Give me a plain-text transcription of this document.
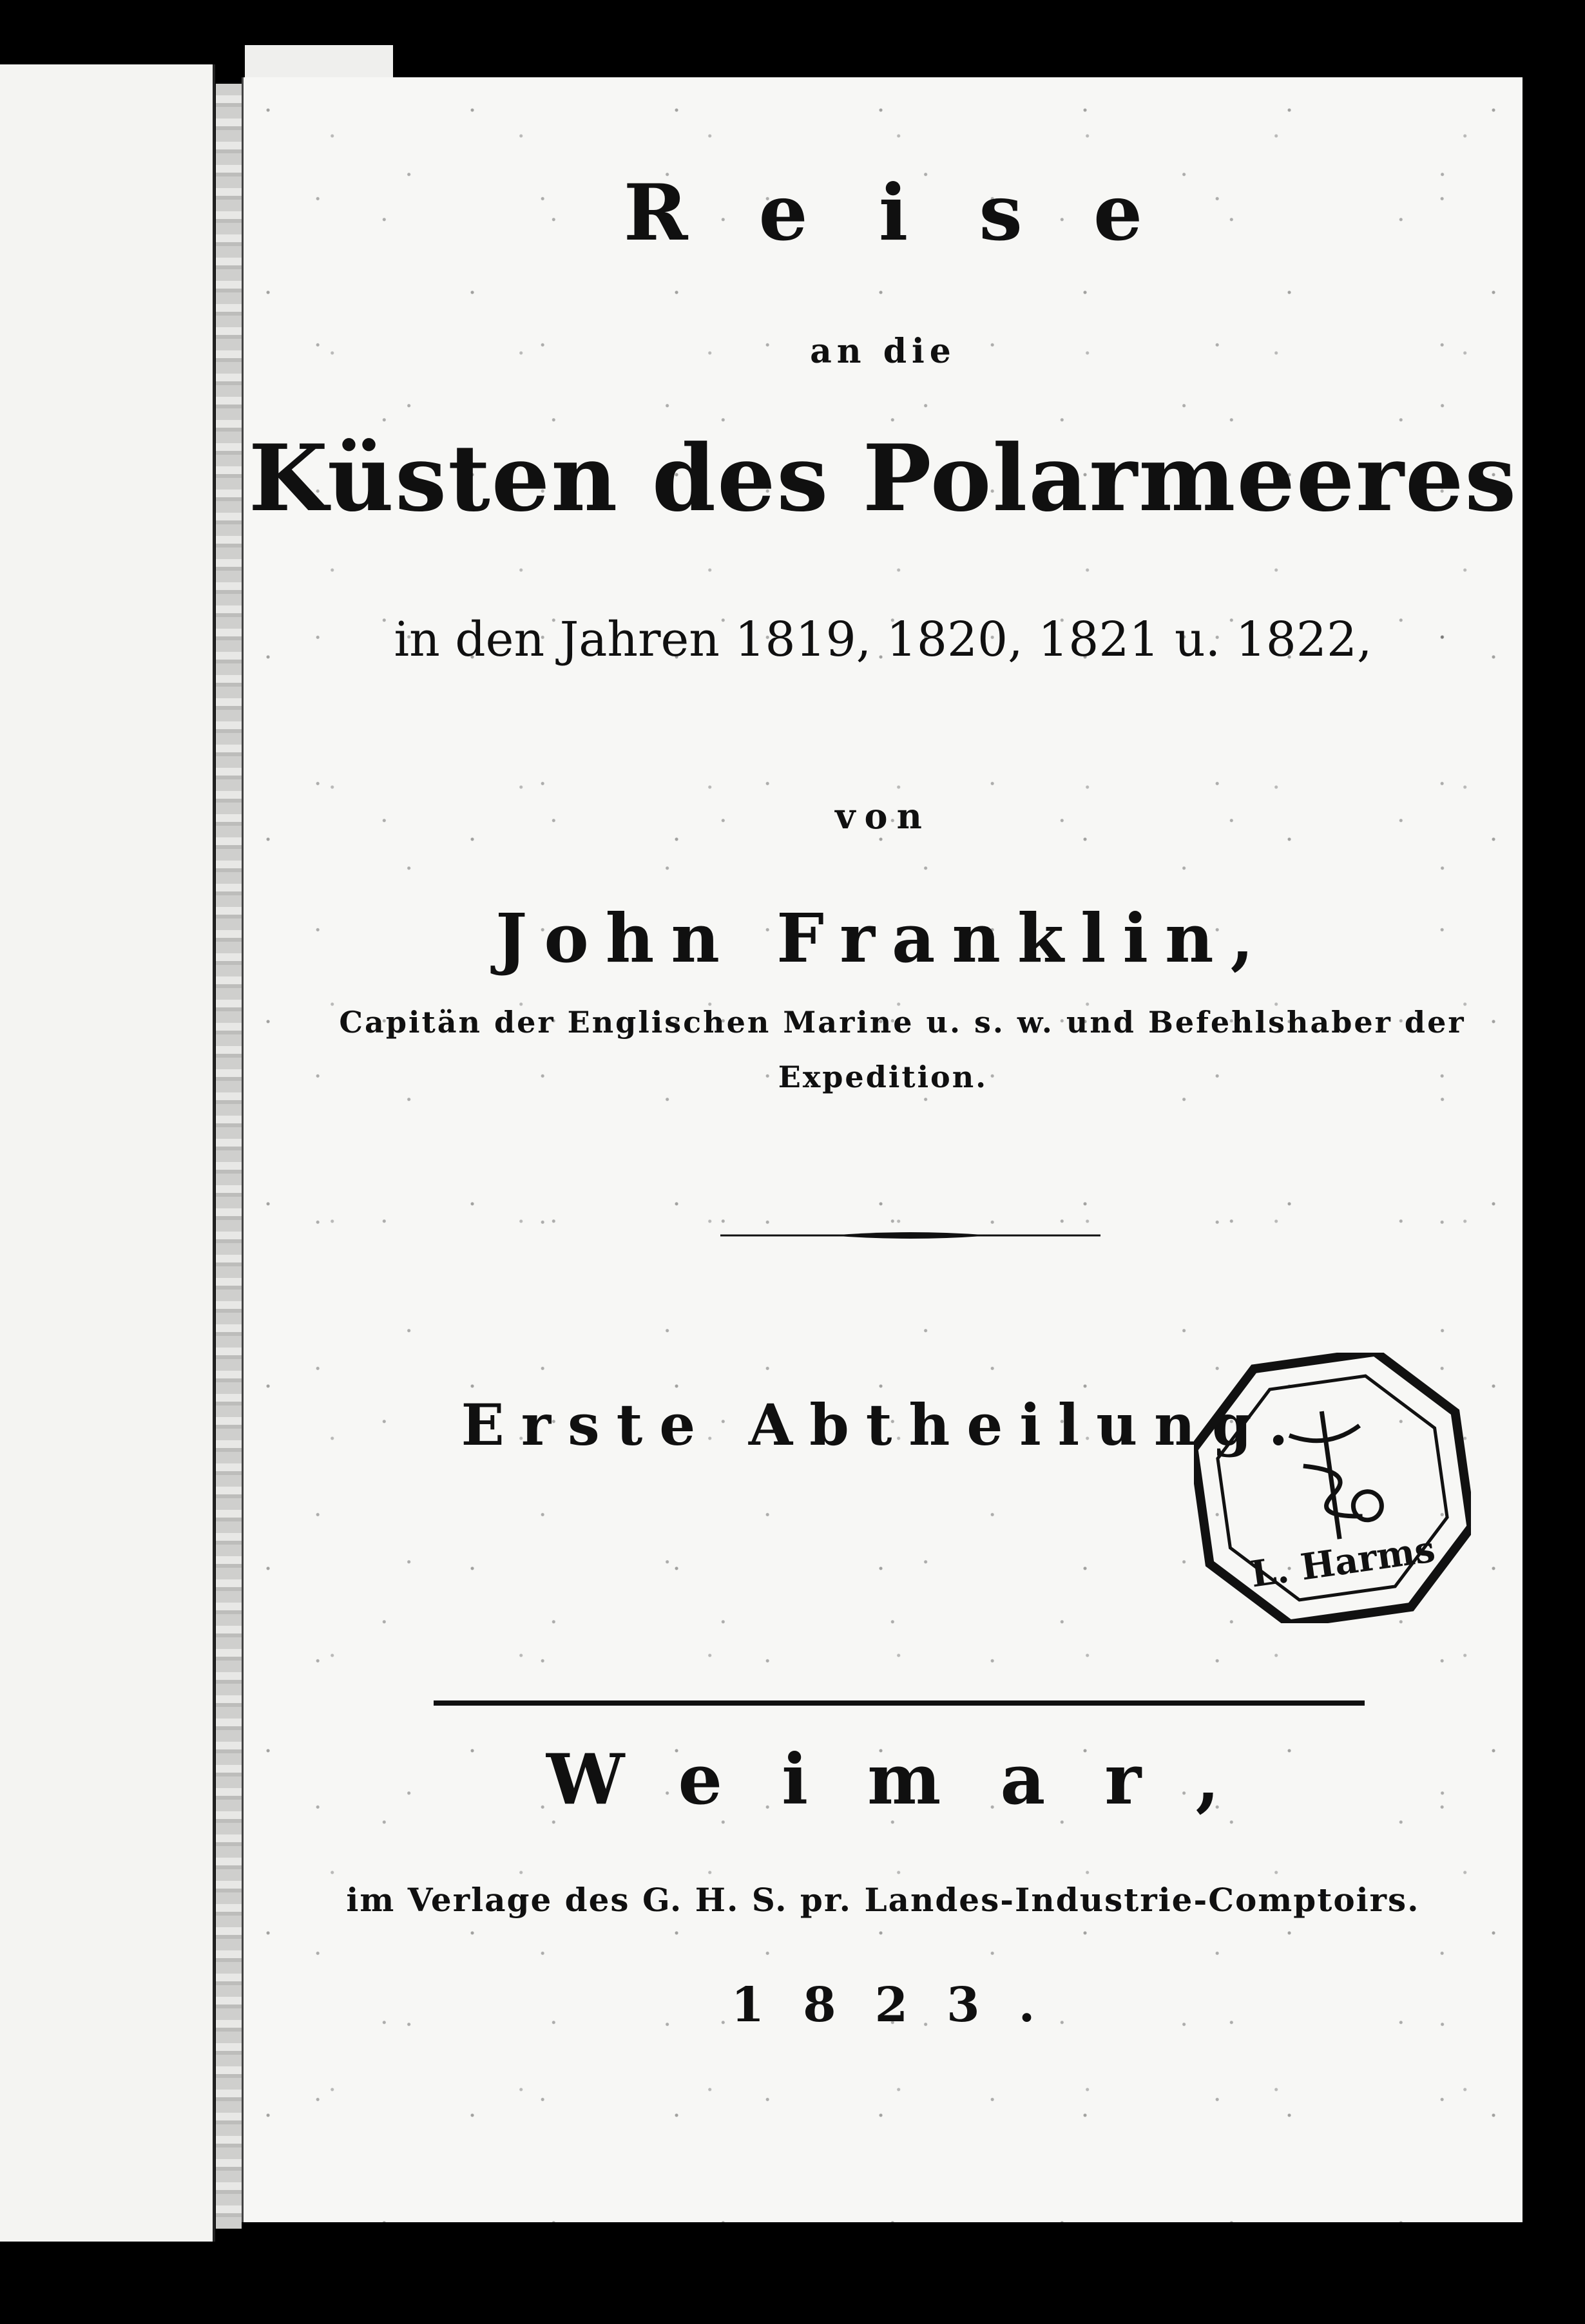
Reise

an die

Küsten des Polarmeeres

in den Jahren 1819, 1820, 1821 u. 1822,

von

John Franklin,

Capitän der Englischen Marine u. s. w. und Befehlshaber der

Expedition.

Erste Abtheilung.

L. Harms

Weimar,

im Verlage des G. H. S. pr. Landes-Industrie-Comptoirs.

1823.
